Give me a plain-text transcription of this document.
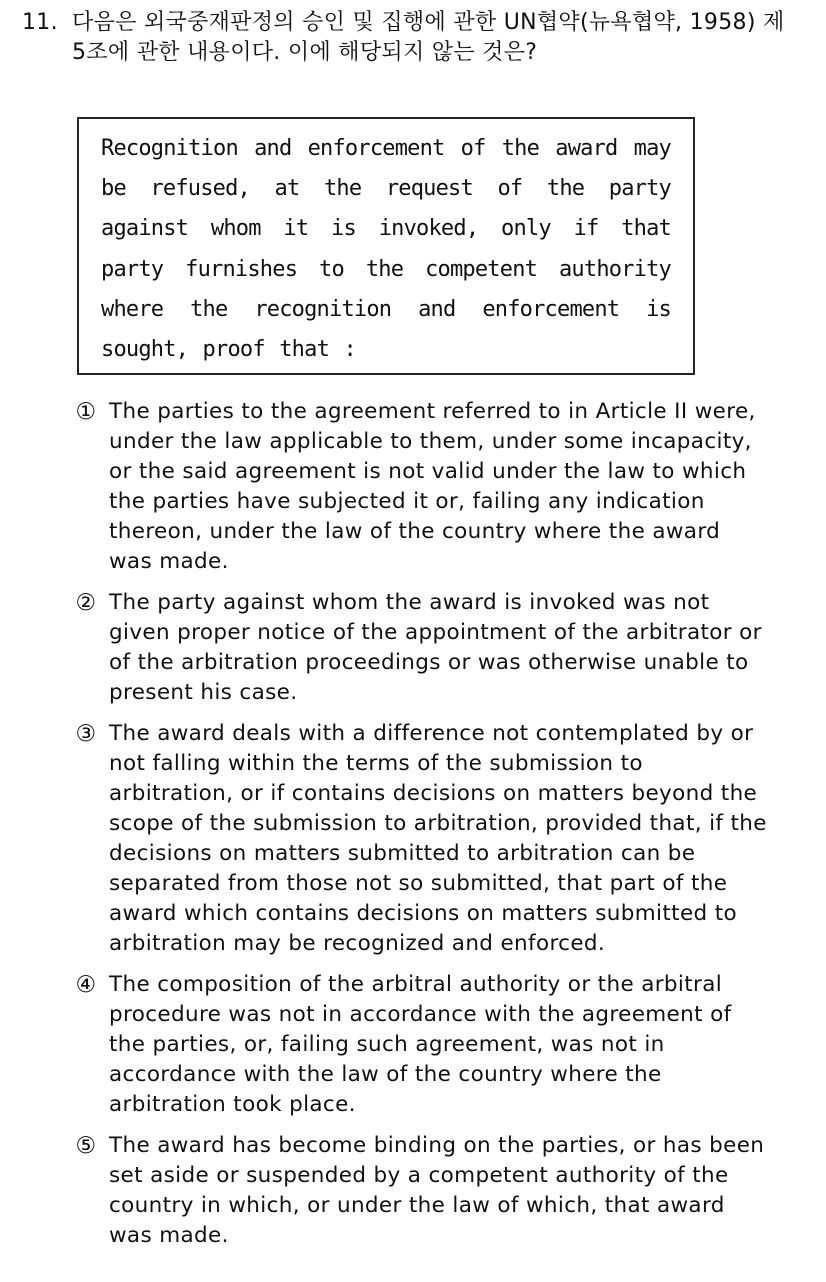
11. 다음은 외국중재판정의 승인 및 집행에 관한 UN협약(뉴욕협약, 1958) 제5조에 관한 내용이다. 이에 해당되지 않는 것은?
Recognition and enforcement of the award may be refused, at the request of the party against whom it is invoked, only if that party furnishes to the competent authority where the recognition and enforcement is sought, proof that :
① The parties to the agreement referred to in Article II were, under the law applicable to them, under some incapacity, or the said agreement is not valid under the law to which the parties have subjected it or, failing any indication thereon, under the law of the country where the award was made.
② The party against whom the award is invoked was not given proper notice of the appointment of the arbitrator or of the arbitration proceedings or was otherwise unable to present his case.
③ The award deals with a difference not contemplated by or not falling within the terms of the submission to arbitration, or if contains decisions on matters beyond the scope of the submission to arbitration, provided that, if the decisions on matters submitted to arbitration can be separated from those not so submitted, that part of the award which contains decisions on matters submitted to arbitration may be recognized and enforced.
④ The composition of the arbitral authority or the arbitral procedure was not in accordance with the agreement of the parties, or, failing such agreement, was not in accordance with the law of the country where the arbitration took place.
⑤ The award has become binding on the parties, or has been set aside or suspended by a competent authority of the country in which, or under the law of which, that award was made.
